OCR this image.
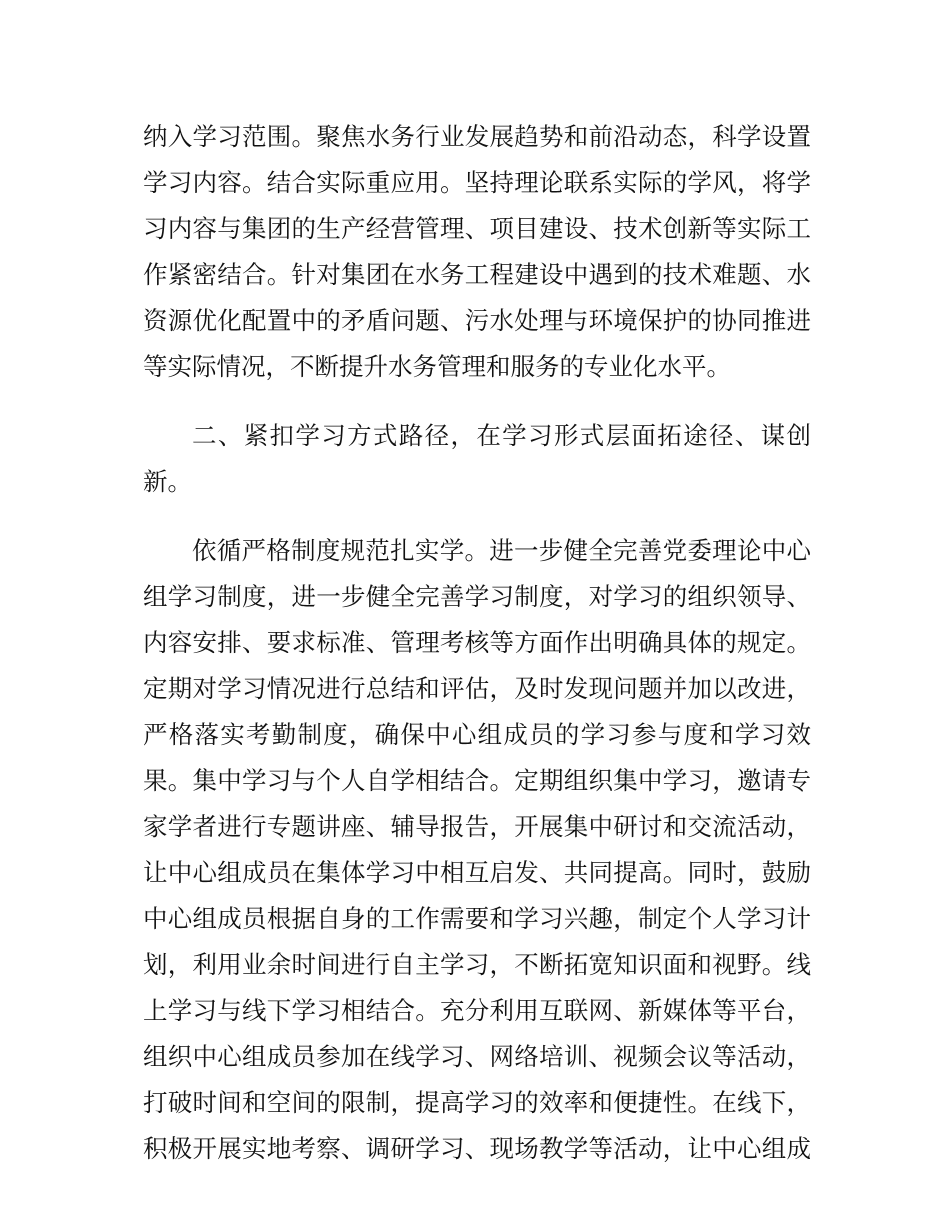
纳入学习范围。聚焦水务行业发展趋势和前沿动态，科学设置
学习内容。结合实际重应用。坚持理论联系实际的学风，将学
习内容与集团的生产经营管理、项目建设、技术创新等实际工
作紧密结合。针对集团在水务工程建设中遇到的技术难题、水
资源优化配置中的矛盾问题、污水处理与环境保护的协同推进
等实际情况，不断提升水务管理和服务的专业化水平。
二、紧扣学习方式路径，在学习形式层面拓途径、谋创
新。
依循严格制度规范扎实学。进一步健全完善党委理论中心
组学习制度，进一步健全完善学习制度，对学习的组织领导、
内容安排、要求标准、管理考核等方面作出明确具体的规定。
定期对学习情况进行总结和评估，及时发现问题并加以改进，
严格落实考勤制度，确保中心组成员的学习参与度和学习效
果。集中学习与个人自学相结合。定期组织集中学习，邀请专
家学者进行专题讲座、辅导报告，开展集中研讨和交流活动，
让中心组成员在集体学习中相互启发、共同提高。同时，鼓励
中心组成员根据自身的工作需要和学习兴趣，制定个人学习计
划，利用业余时间进行自主学习，不断拓宽知识面和视野。线
上学习与线下学习相结合。充分利用互联网、新媒体等平台，
组织中心组成员参加在线学习、网络培训、视频会议等活动，
打破时间和空间的限制，提高学习的效率和便捷性。在线下，
积极开展实地考察、调研学习、现场教学等活动，让中心组成
